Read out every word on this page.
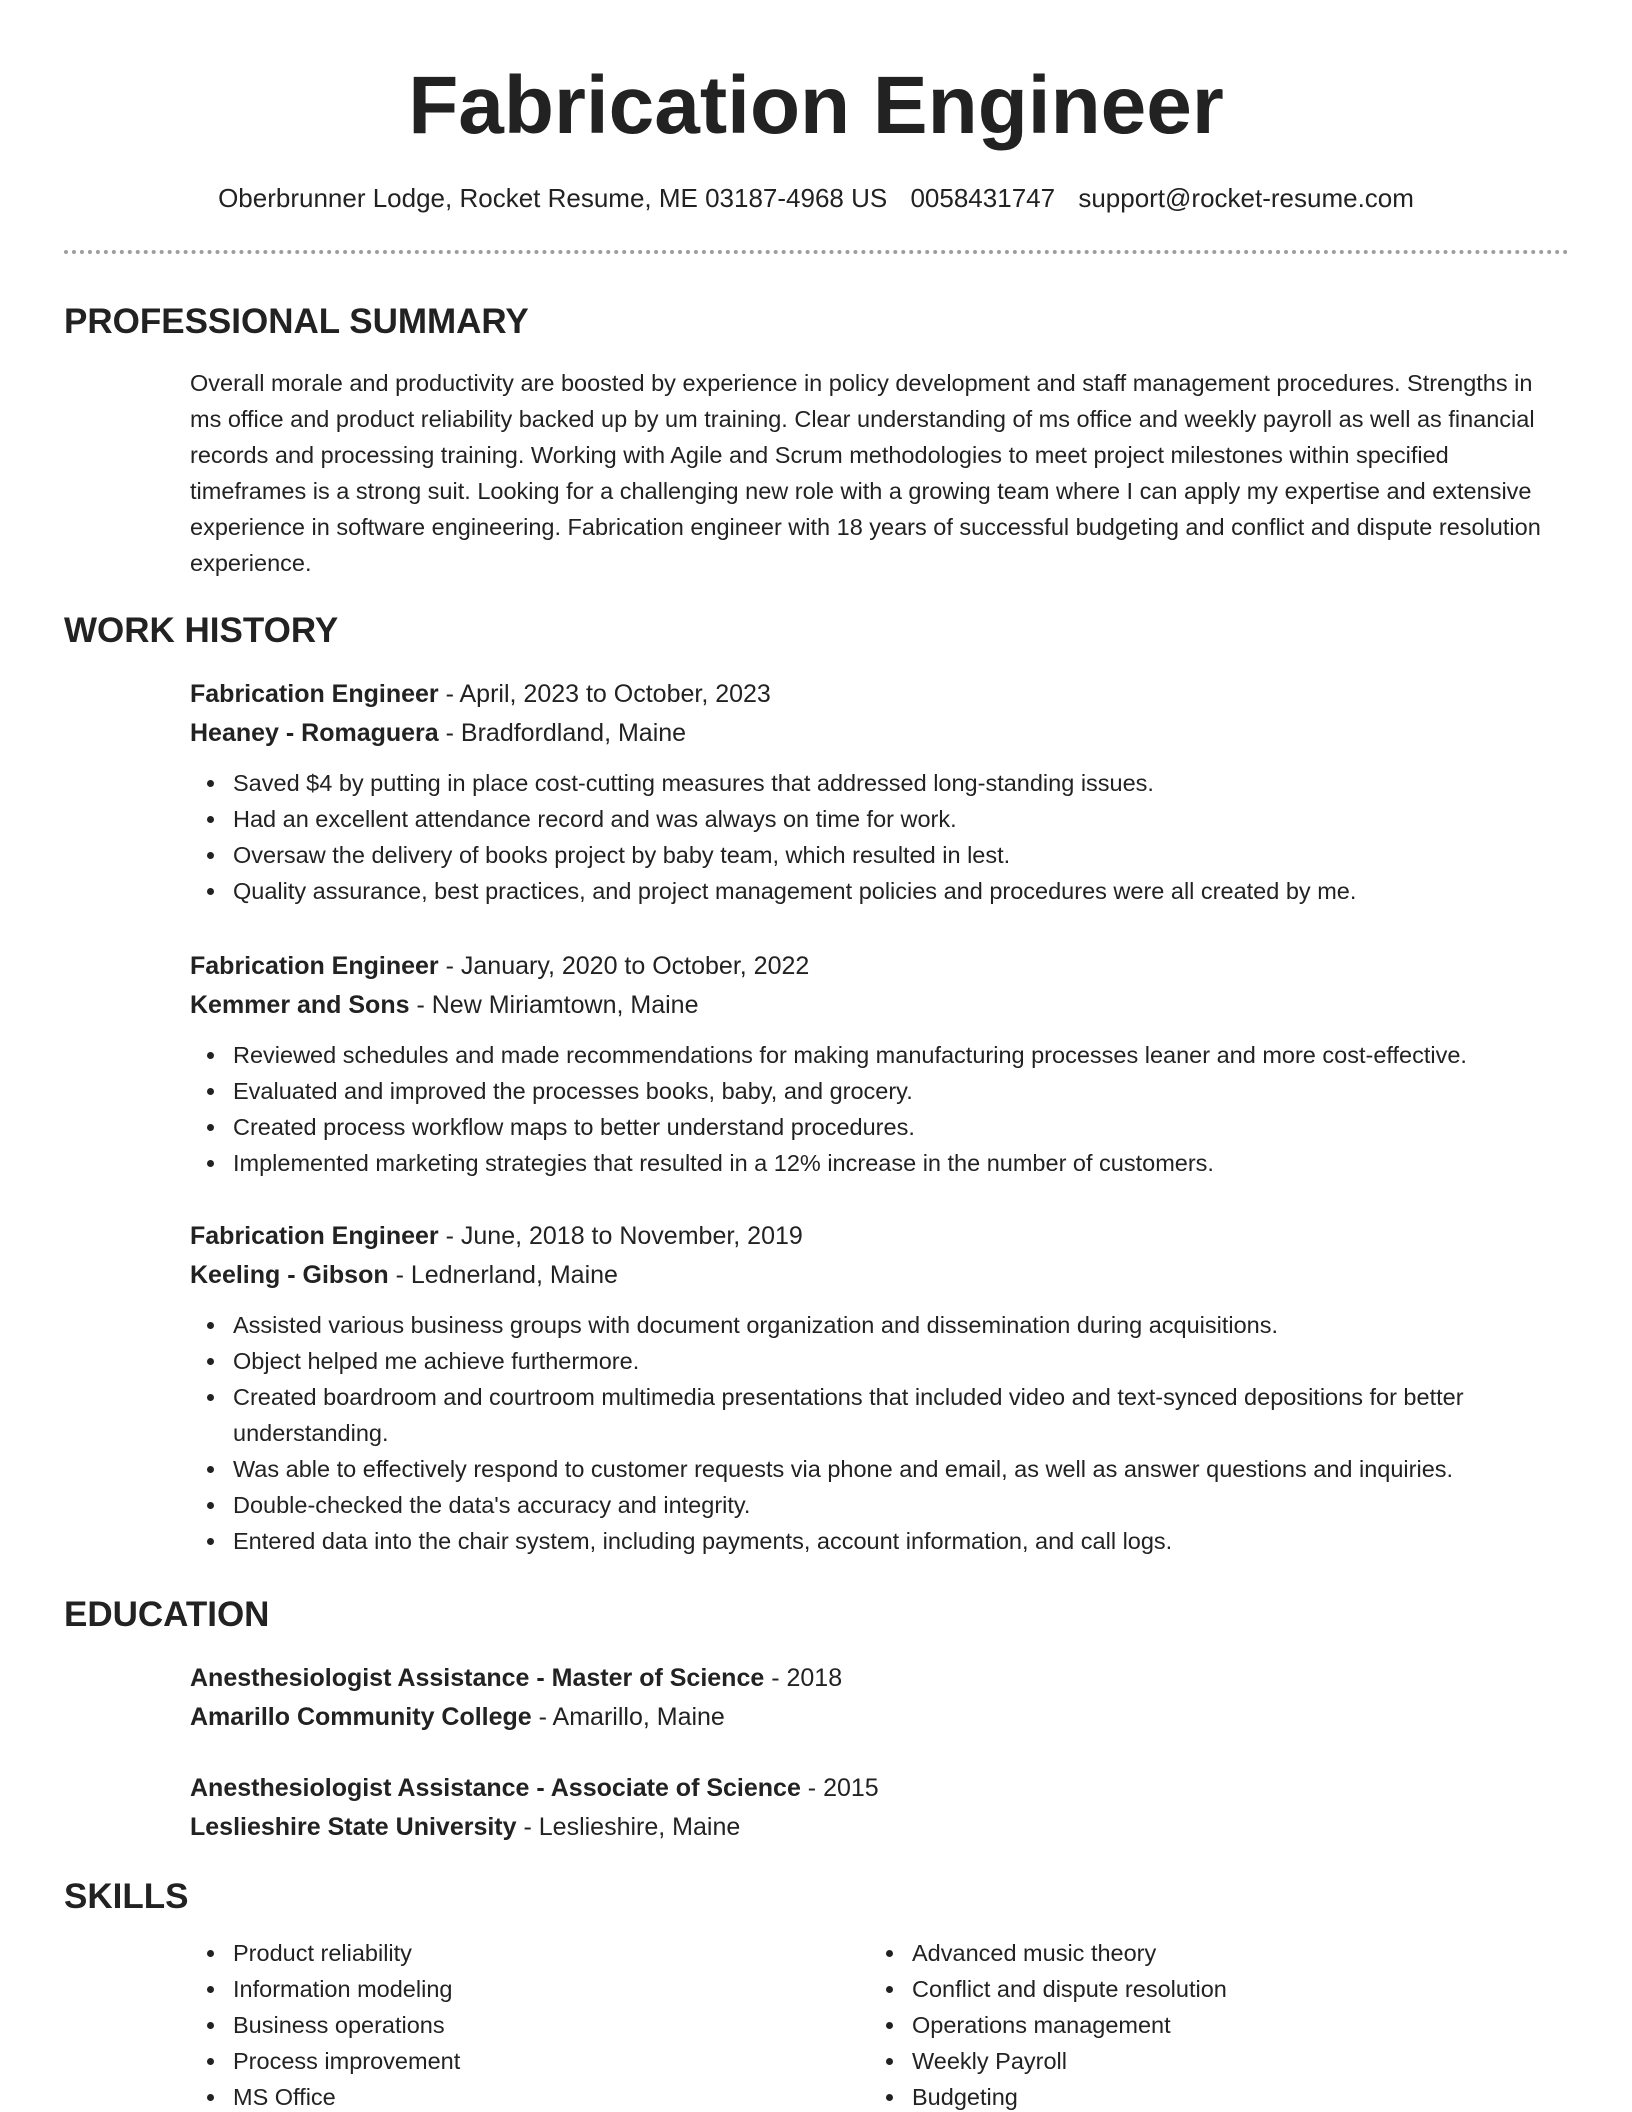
Fabrication Engineer
Oberbrunner Lodge, Rocket Resume, ME 03187-4968 US 0058431747 support@rocket-resume.com
PROFESSIONAL SUMMARY
Overall morale and productivity are boosted by experience in policy development and staff management procedures. Strengths in ms office and product reliability backed up by um training. Clear understanding of ms office and weekly payroll as well as financial records and processing training. Working with Agile and Scrum methodologies to meet project milestones within specified timeframes is a strong suit. Looking for a challenging new role with a growing team where I can apply my expertise and extensive experience in software engineering. Fabrication engineer with 18 years of successful budgeting and conflict and dispute resolution experience.
WORK HISTORY
Fabrication Engineer - April, 2023 to October, 2023
Heaney - Romaguera - Bradfordland, Maine
Saved $4 by putting in place cost-cutting measures that addressed long-standing issues.
Had an excellent attendance record and was always on time for work.
Oversaw the delivery of books project by baby team, which resulted in lest.
Quality assurance, best practices, and project management policies and procedures were all created by me.
Fabrication Engineer - January, 2020 to October, 2022
Kemmer and Sons - New Miriamtown, Maine
Reviewed schedules and made recommendations for making manufacturing processes leaner and more cost-effective.
Evaluated and improved the processes books, baby, and grocery.
Created process workflow maps to better understand procedures.
Implemented marketing strategies that resulted in a 12% increase in the number of customers.
Fabrication Engineer - June, 2018 to November, 2019
Keeling - Gibson - Lednerland, Maine
Assisted various business groups with document organization and dissemination during acquisitions.
Object helped me achieve furthermore.
Created boardroom and courtroom multimedia presentations that included video and text-synced depositions for better understanding.
Was able to effectively respond to customer requests via phone and email, as well as answer questions and inquiries.
Double-checked the data's accuracy and integrity.
Entered data into the chair system, including payments, account information, and call logs.
EDUCATION
Anesthesiologist Assistance - Master of Science - 2018
Amarillo Community College - Amarillo, Maine
Anesthesiologist Assistance - Associate of Science - 2015
Leslieshire State University - Leslieshire, Maine
SKILLS
Product reliability
Information modeling
Business operations
Process improvement
MS Office
Advanced music theory
Conflict and dispute resolution
Operations management
Weekly Payroll
Budgeting
